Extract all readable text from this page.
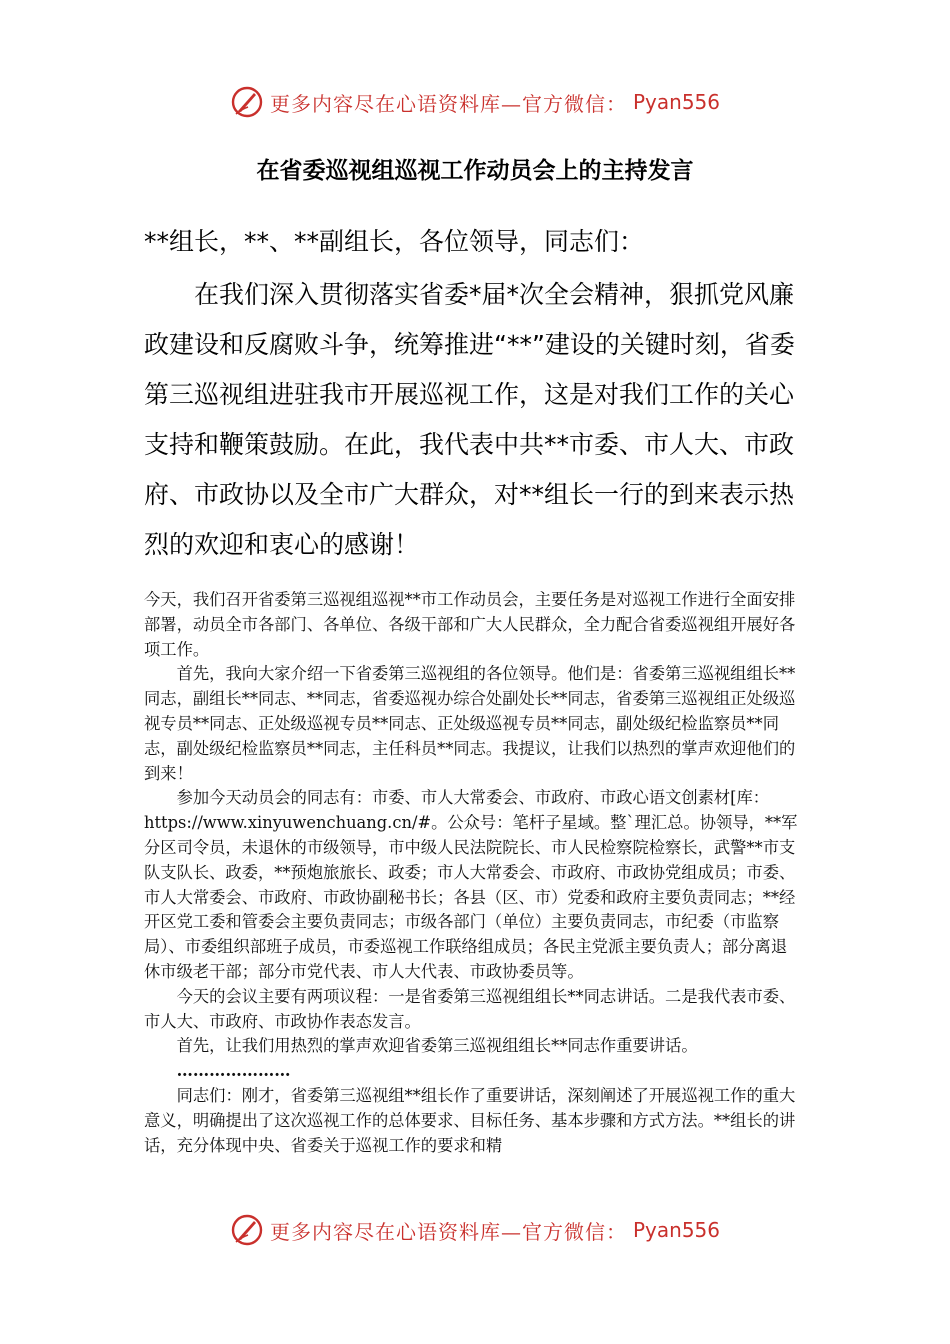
更多内容尽在心语资料库—官方微信： Pyan556
在省委巡视组巡视工作动员会上的主持发言
**组长，**、**副组长，各位领导，同志们：
在我们深入贯彻落实省委*届*次全会精神，狠抓党风廉政建设和反腐败斗争，统筹推进“**”建设的关键时刻，省委第三巡视组进驻我市开展巡视工作，这是对我们工作的关心支持和鞭策鼓励。在此，我代表中共**市委、市人大、市政府、市政协以及全市广大群众，对**组长一行的到来表示热烈的欢迎和衷心的感谢！

今天，我们召开省委第三巡视组巡视**市工作动员会，主要任务是对巡视工作进行全面安排部署，动员全市各部门、各单位、各级干部和广大人民群众，全力配合省委巡视组开展好各项工作。

首先，我向大家介绍一下省委第三巡视组的各位领导。他们是：省委第三巡视组组长**同志，副组长**同志、**同志，省委巡视办综合处副处长**同志，省委第三巡视组正处级巡视专员**同志、正处级巡视专员**同志、正处级巡视专员**同志，副处级纪检监察员**同志，副处级纪检监察员**同志，主任科员**同志。我提议，让我们以热烈的掌声欢迎他们的到来！

参加今天动员会的同志有：市委、市人大常委会、市政府、市政心语文创素材[库：https://www.xinyuwenchuang.cn/#。公众号：笔杆子星域。整`理汇总。协领导，**军分区司令员，未退休的市级领导，市中级人民法院院长、市人民检察院检察长，武警**市支队支队长、政委，**预炮旅旅长、政委；市人大常委会、市政府、市政协党组成员；市委、市人大常委会、市政府、市政协副秘书长；各县（区、市）党委和政府主要负责同志；**经开区党工委和管委会主要负责同志；市级各部门（单位）主要负责同志，市纪委（市监察局）、市委组织部班子成员，市委巡视工作联络组成员；各民主党派主要负责人；部分离退休市级老干部；部分市党代表、市人大代表、市政协委员等。

今天的会议主要有两项议程：一是省委第三巡视组组长**同志讲话。二是我代表市委、市人大、市政府、市政协作表态发言。

首先，让我们用热烈的掌声欢迎省委第三巡视组组长**同志作重要讲话。

…………………

同志们：刚才，省委第三巡视组**组长作了重要讲话，深刻阐述了开展巡视工作的重大意义，明确提出了这次巡视工作的总体要求、目标任务、基本步骤和方式方法。**组长的讲话，充分体现中央、省委关于巡视工作的要求和精

更多内容尽在心语资料库—官方微信： Pyan556
